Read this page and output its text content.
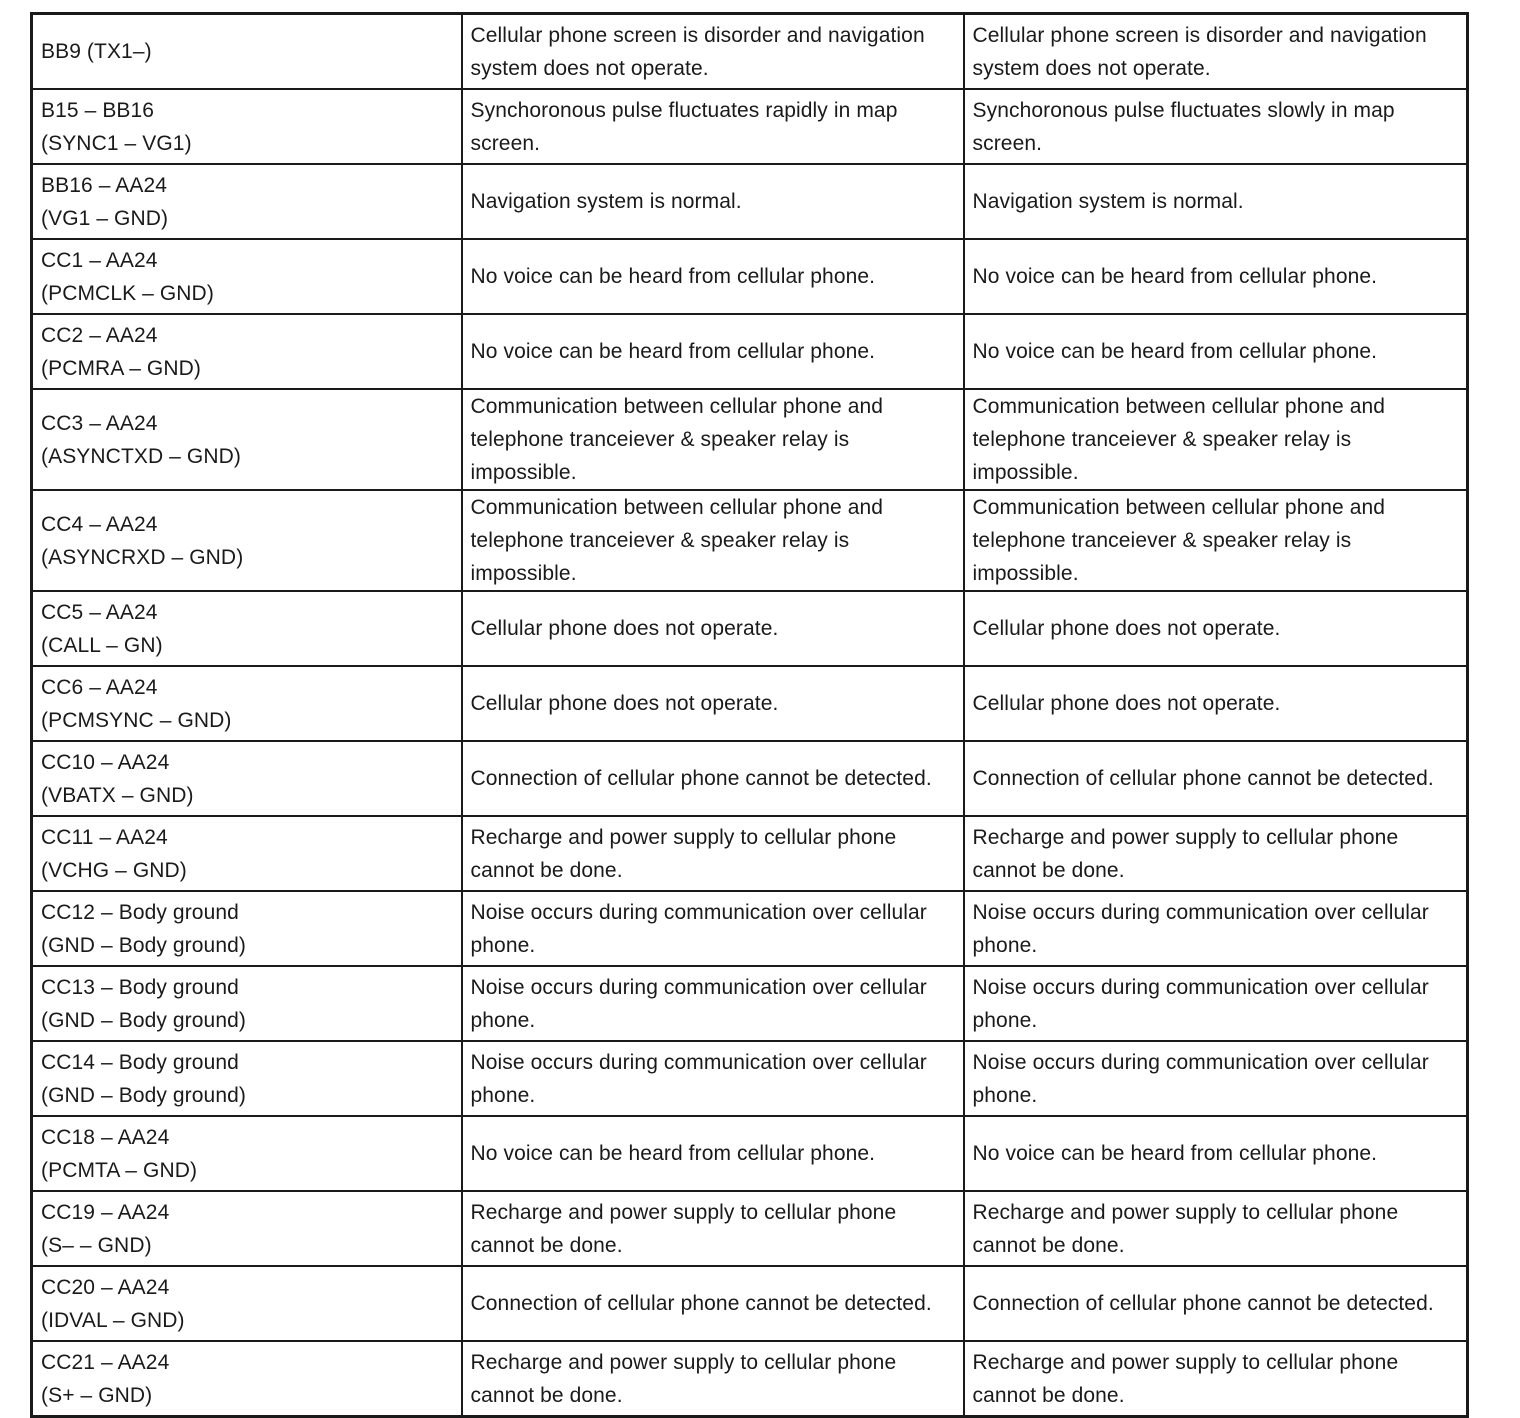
BB9 (TX1–)	Cellular phone screen is disorder and navigation system does not operate.	Cellular phone screen is disorder and navigation system does not operate.

B15 – BB16
(SYNC1 – VG1)	Synchoronous pulse fluctuates rapidly in map screen.	Synchoronous pulse fluctuates slowly in map screen.

BB16 – AA24
(VG1 – GND)	Navigation system is normal.	Navigation system is normal.

CC1 – AA24
(PCMCLK – GND)	No voice can be heard from cellular phone.	No voice can be heard from cellular phone.

CC2 – AA24
(PCMRA – GND)	No voice can be heard from cellular phone.	No voice can be heard from cellular phone.

CC3 – AA24
(ASYNCTXD – GND)	Communication between cellular phone and telephone tranceiever & speaker relay is impossible.	Communication between cellular phone and telephone tranceiever & speaker relay is impossible.

CC4 – AA24
(ASYNCRXD – GND)	Communication between cellular phone and telephone tranceiever & speaker relay is impossible.	Communication between cellular phone and telephone tranceiever & speaker relay is impossible.

CC5 – AA24
(CALL – GN)	Cellular phone does not operate.	Cellular phone does not operate.

CC6 – AA24
(PCMSYNC – GND)	Cellular phone does not operate.	Cellular phone does not operate.

CC10 – AA24
(VBATX – GND)	Connection of cellular phone cannot be detected.	Connection of cellular phone cannot be detected.

CC11 – AA24
(VCHG – GND)	Recharge and power supply to cellular phone cannot be done.	Recharge and power supply to cellular phone cannot be done.

CC12 – Body ground
(GND – Body ground)	Noise occurs during communication over cellular phone.	Noise occurs during communication over cellular phone.

CC13 – Body ground
(GND – Body ground)	Noise occurs during communication over cellular phone.	Noise occurs during communication over cellular phone.

CC14 – Body ground
(GND – Body ground)	Noise occurs during communication over cellular phone.	Noise occurs during communication over cellular phone.

CC18 – AA24
(PCMTA – GND)	No voice can be heard from cellular phone.	No voice can be heard from cellular phone.

CC19 – AA24
(S– – GND)	Recharge and power supply to cellular phone cannot be done.	Recharge and power supply to cellular phone cannot be done.

CC20 – AA24
(IDVAL – GND)	Connection of cellular phone cannot be detected.	Connection of cellular phone cannot be detected.

CC21 – AA24
(S+ – GND)	Recharge and power supply to cellular phone cannot be done.	Recharge and power supply to cellular phone cannot be done.
